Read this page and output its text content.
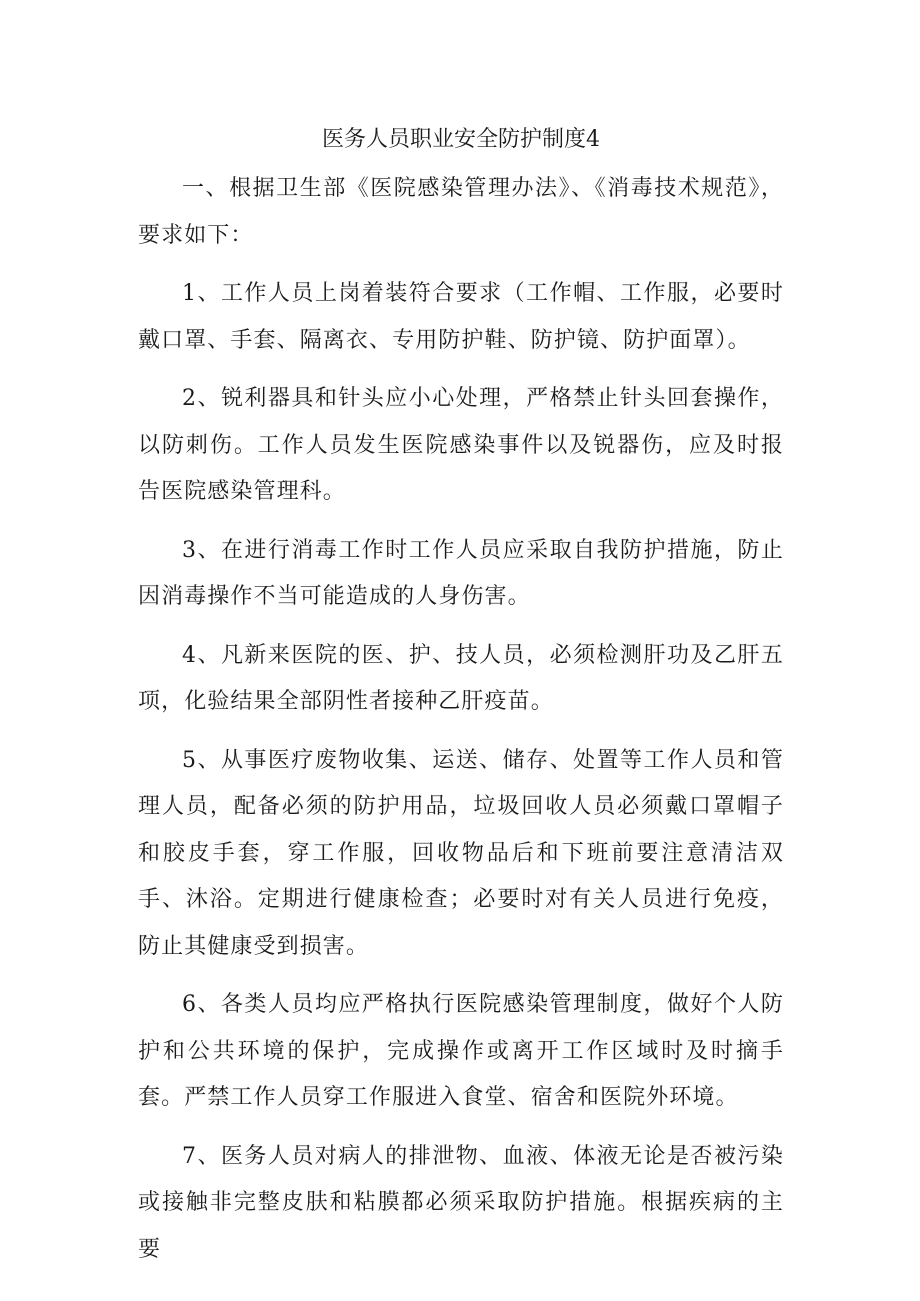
医务人员职业安全防护制度4

一、根据卫生部《医院感染管理办法》、《消毒技术规范》，要求如下：

1、工作人员上岗着装符合要求（工作帽、工作服，必要时戴口罩、手套、隔离衣、专用防护鞋、防护镜、防护面罩）。

2、锐利器具和针头应小心处理，严格禁止针头回套操作，以防刺伤。工作人员发生医院感染事件以及锐器伤，应及时报告医院感染管理科。

3、在进行消毒工作时工作人员应采取自我防护措施，防止因消毒操作不当可能造成的人身伤害。

4、凡新来医院的医、护、技人员，必须检测肝功及乙肝五项，化验结果全部阴性者接种乙肝疫苗。

5、从事医疗废物收集、运送、储存、处置等工作人员和管理人员，配备必须的防护用品，垃圾回收人员必须戴口罩帽子和胶皮手套，穿工作服，回收物品后和下班前要注意清洁双手、沐浴。定期进行健康检查；必要时对有关人员进行免疫，防止其健康受到损害。

6、各类人员均应严格执行医院感染管理制度，做好个人防护和公共环境的保护，完成操作或离开工作区域时及时摘手套。严禁工作人员穿工作服进入食堂、宿舍和医院外环境。

7、医务人员对病人的排泄物、血液、体液无论是否被污染或接触非完整皮肤和粘膜都必须采取防护措施。根据疾病的主要
